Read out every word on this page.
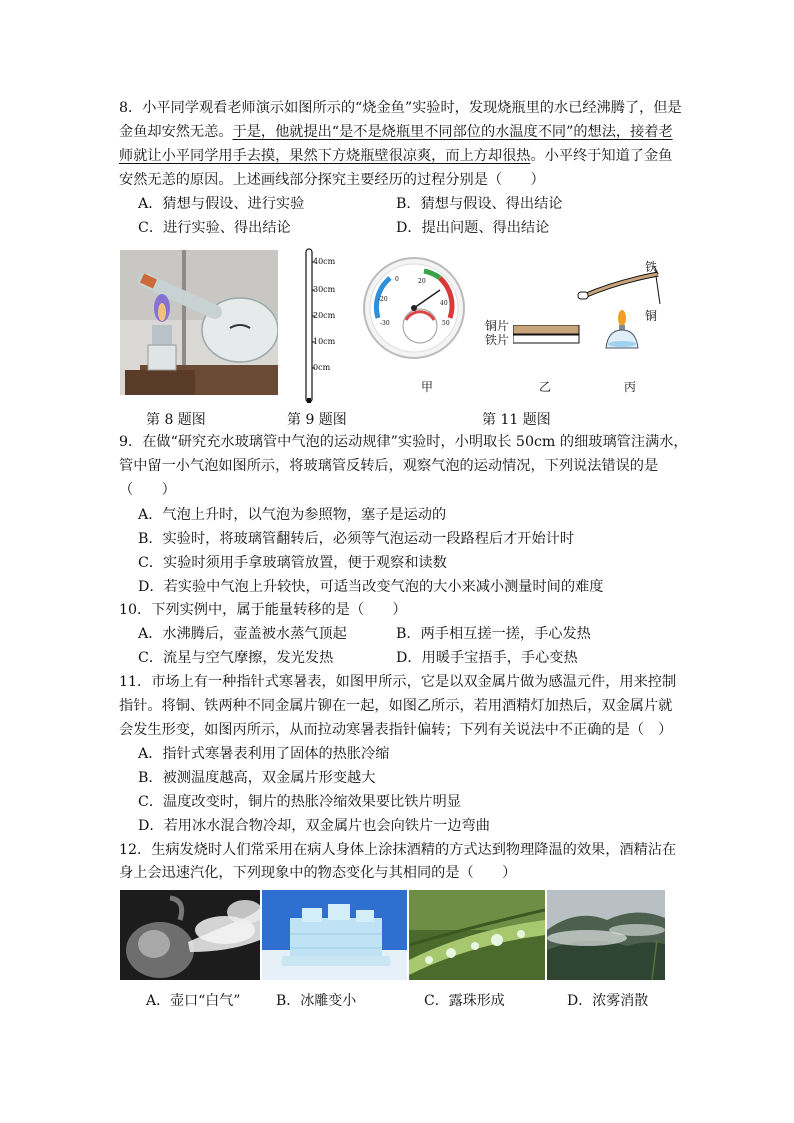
8．小平同学观看老师演示如图所示的“烧金鱼”实验时，发现烧瓶里的水已经沸腾了，但是
金鱼却安然无恙。于是，他就提出“是不是烧瓶里不同部位的水温度不同”的想法，接着老
师就让小平同学用手去摸，果然下方烧瓶壁很凉爽，而上方却很热。小平终于知道了金鱼
安然无恙的原因。上述画线部分探究主要经历的过程分别是（　　）
A．猜想与假设、进行实验	B．猜想与假设、得出结论
C．进行实验、得出结论	D．提出问题、得出结论
40cm
30cm
20cm
10cm
0cm
0
-20
20
40
-30	50
甲
铜片
铁片
乙
铁
铜
丙
第 8 题图	第 9 题图	第 11 题图
9．在做“研究充水玻璃管中气泡的运动规律”实验时，小明取长 50cm 的细玻璃管注满水，
管中留一小气泡如图所示，将玻璃管反转后，观察气泡的运动情况，下列说法错误的是
（　　）
A．气泡上升时，以气泡为参照物，塞子是运动的
B．实验时，将玻璃管翻转后，必须等气泡运动一段路程后才开始计时
C．实验时须用手拿玻璃管放置，便于观察和读数
D．若实验中气泡上升较快，可适当改变气泡的大小来减小测量时间的难度
10．下列实例中，属于能量转移的是（　　）
A．水沸腾后，壶盖被水蒸气顶起	B．两手相互搓一搓，手心发热
C．流星与空气摩擦，发光发热	D．用暖手宝捂手，手心变热
11．市场上有一种指针式寒暑表，如图甲所示，它是以双金属片做为感温元件，用来控制
指针。将铜、铁两种不同金属片铆在一起，如图乙所示，若用酒精灯加热后，双金属片就
会发生形变，如图丙所示，从而拉动寒暑表指针偏转；下列有关说法中不正确的是（　）
A．指针式寒暑表利用了固体的热胀冷缩
B．被测温度越高，双金属片形变越大
C．温度改变时，铜片的热胀冷缩效果要比铁片明显
D．若用冰水混合物冷却，双金属片也会向铁片一边弯曲
12．生病发烧时人们常采用在病人身体上涂抹酒精的方式达到物理降温的效果，酒精沾在
身上会迅速汽化，下列现象中的物态变化与其相同的是（　　）
A．壶口“白气”	B．冰雕变小	C．露珠形成	D．浓雾消散
